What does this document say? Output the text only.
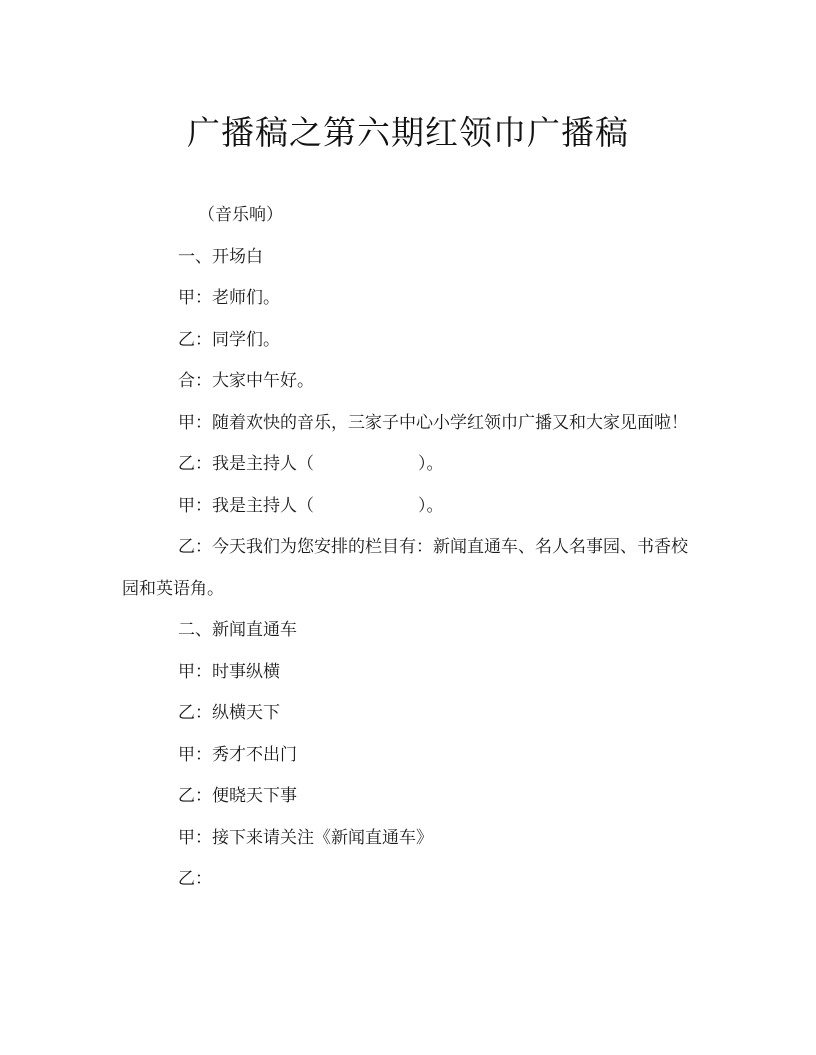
广播稿之第六期红领巾广播稿

（音乐响）

一、开场白

甲：老师们。

乙：同学们。

合：大家中午好。

甲：随着欢快的音乐，三家子中心小学红领巾广播又和大家见面啦！

乙：我是主持人（	）。

甲：我是主持人（	）。

乙：今天我们为您安排的栏目有：新闻直通车、名人名事园、书香校园和英语角。

二、新闻直通车

甲：时事纵横

乙：纵横天下

甲：秀才不出门

乙：便晓天下事

甲：接下来请关注《新闻直通车》

乙：
